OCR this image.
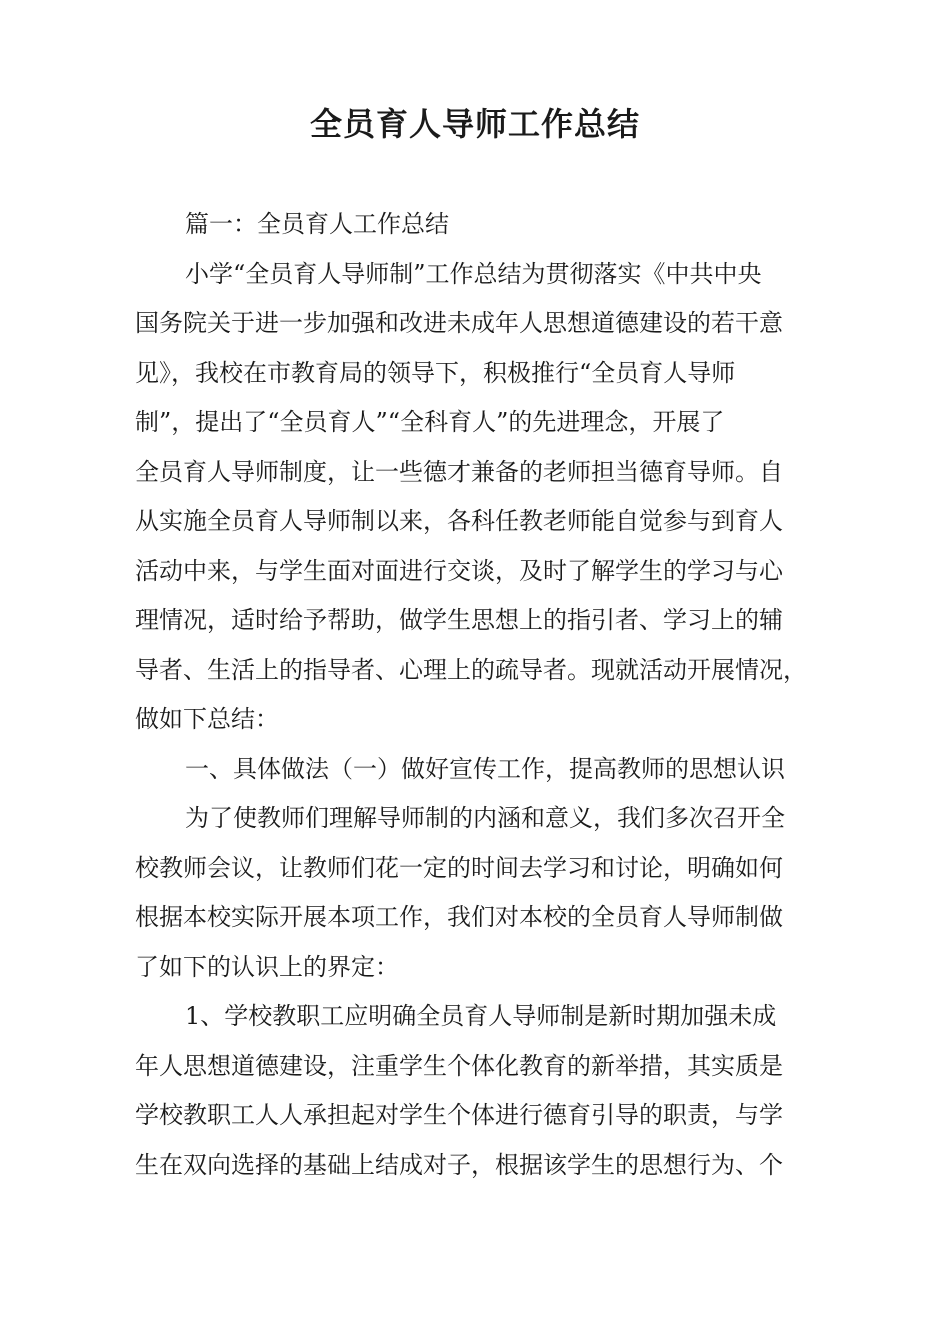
全员育人导师工作总结
篇一：全员育人工作总结
小学“全员育人导师制”工作总结为贯彻落实《中共中央
国务院关于进一步加强和改进未成年人思想道德建设的若干意
见》，我校在市教育局的领导下，积极推行“全员育人导师
制”，提出了“全员育人”“全科育人”的先进理念，开展了
全员育人导师制度，让一些德才兼备的老师担当德育导师。自
从实施全员育人导师制以来，各科任教老师能自觉参与到育人
活动中来，与学生面对面进行交谈，及时了解学生的学习与心
理情况，适时给予帮助，做学生思想上的指引者、学习上的辅
导者、生活上的指导者、心理上的疏导者。现就活动开展情况，
做如下总结：
一、具体做法（一）做好宣传工作，提高教师的思想认识
为了使教师们理解导师制的内涵和意义，我们多次召开全
校教师会议，让教师们花一定的时间去学习和讨论，明确如何
根据本校实际开展本项工作，我们对本校的全员育人导师制做
了如下的认识上的界定：
1、学校教职工应明确全员育人导师制是新时期加强未成
年人思想道德建设，注重学生个体化教育的新举措，其实质是
学校教职工人人承担起对学生个体进行德育引导的职责，与学
生在双向选择的基础上结成对子，根据该学生的思想行为、个
